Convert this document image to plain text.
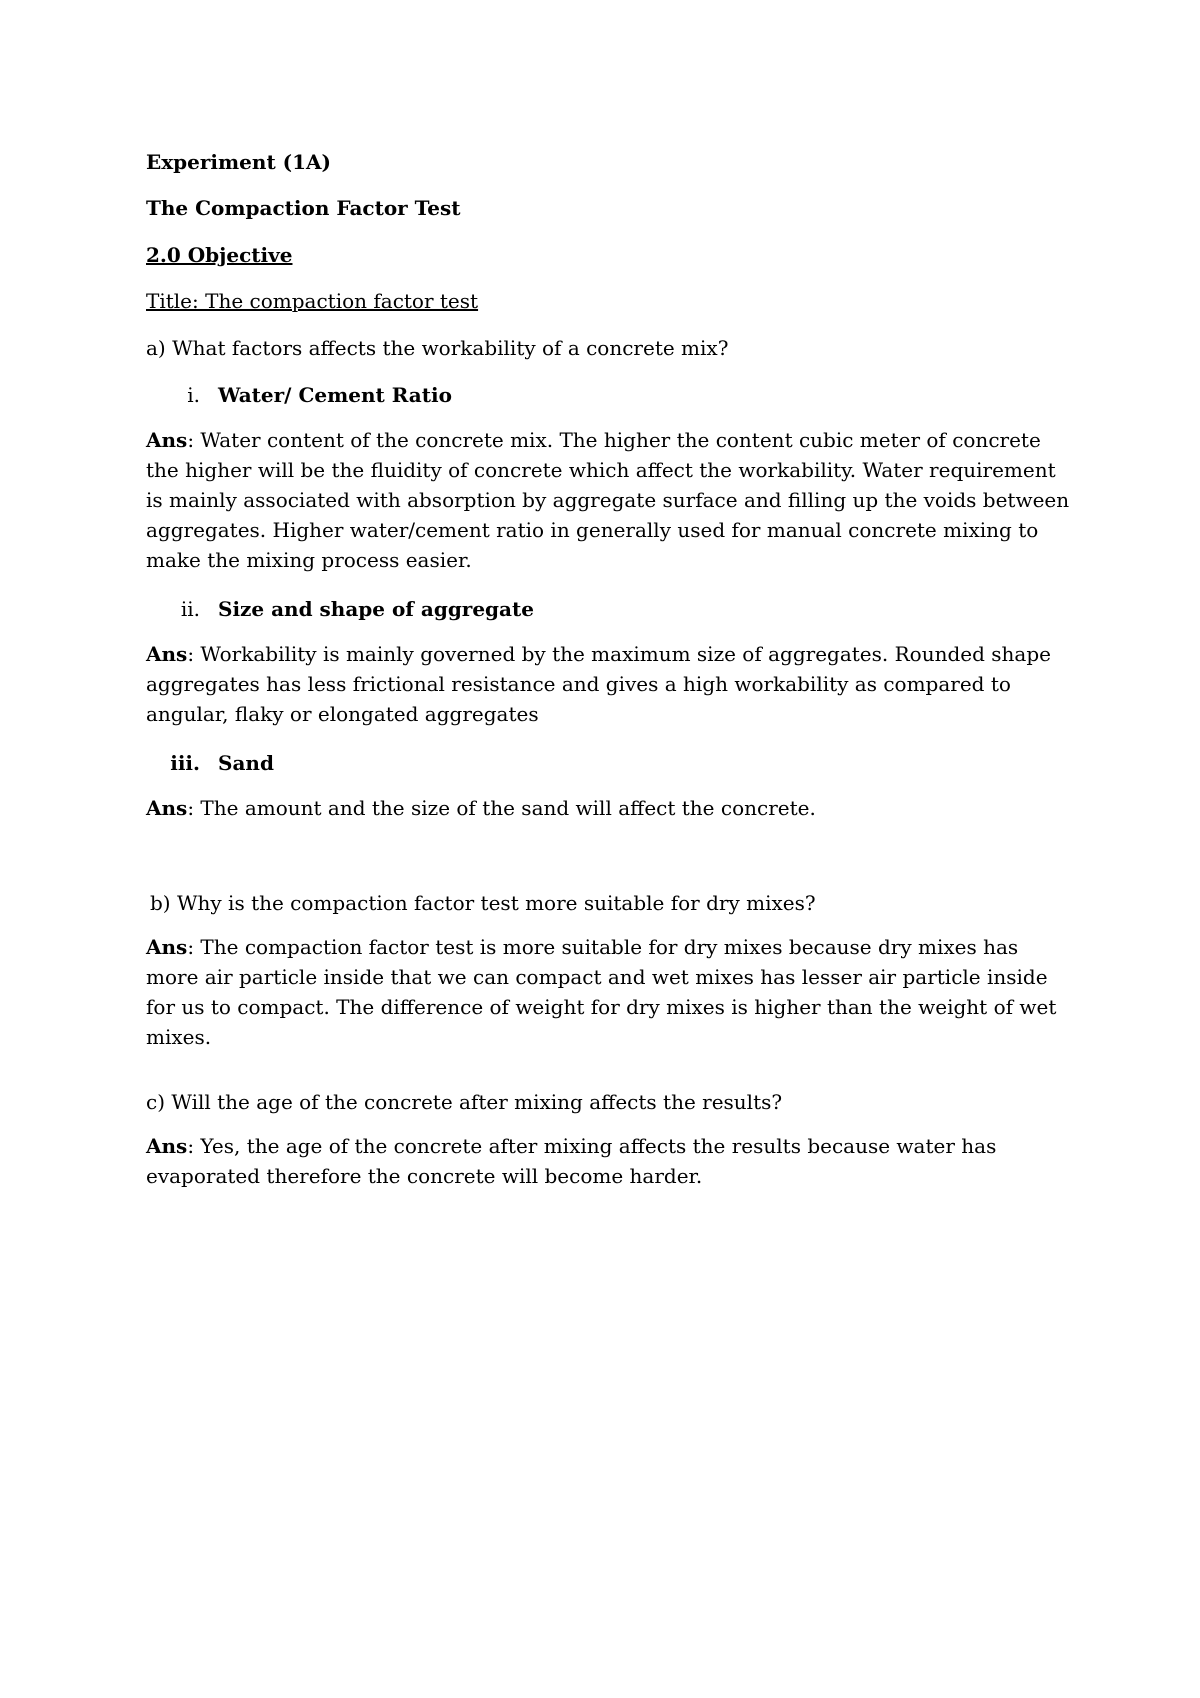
Experiment (1A)
The Compaction Factor Test
2.0 Objective
Title: The compaction factor test
a) What factors affects the workability of a concrete mix?
i. Water/ Cement Ratio
Ans: Water content of the concrete mix. The higher the content cubic meter of concrete the higher will be the fluidity of concrete which affect the workability. Water requirement is mainly associated with absorption by aggregate surface and filling up the voids between aggregates. Higher water/cement ratio in generally used for manual concrete mixing to make the mixing process easier.
ii. Size and shape of aggregate
Ans: Workability is mainly governed by the maximum size of aggregates. Rounded shape aggregates has less frictional resistance and gives a high workability as compared to angular, flaky or elongated aggregates
iii. Sand
Ans: The amount and the size of the sand will affect the concrete.
b) Why is the compaction factor test more suitable for dry mixes?
Ans: The compaction factor test is more suitable for dry mixes because dry mixes has more air particle inside that we can compact and wet mixes has lesser air particle inside for us to compact. The difference of weight for dry mixes is higher than the weight of wet mixes.
c) Will the age of the concrete after mixing affects the results?
Ans: Yes, the age of the concrete after mixing affects the results because water has evaporated therefore the concrete will become harder.
